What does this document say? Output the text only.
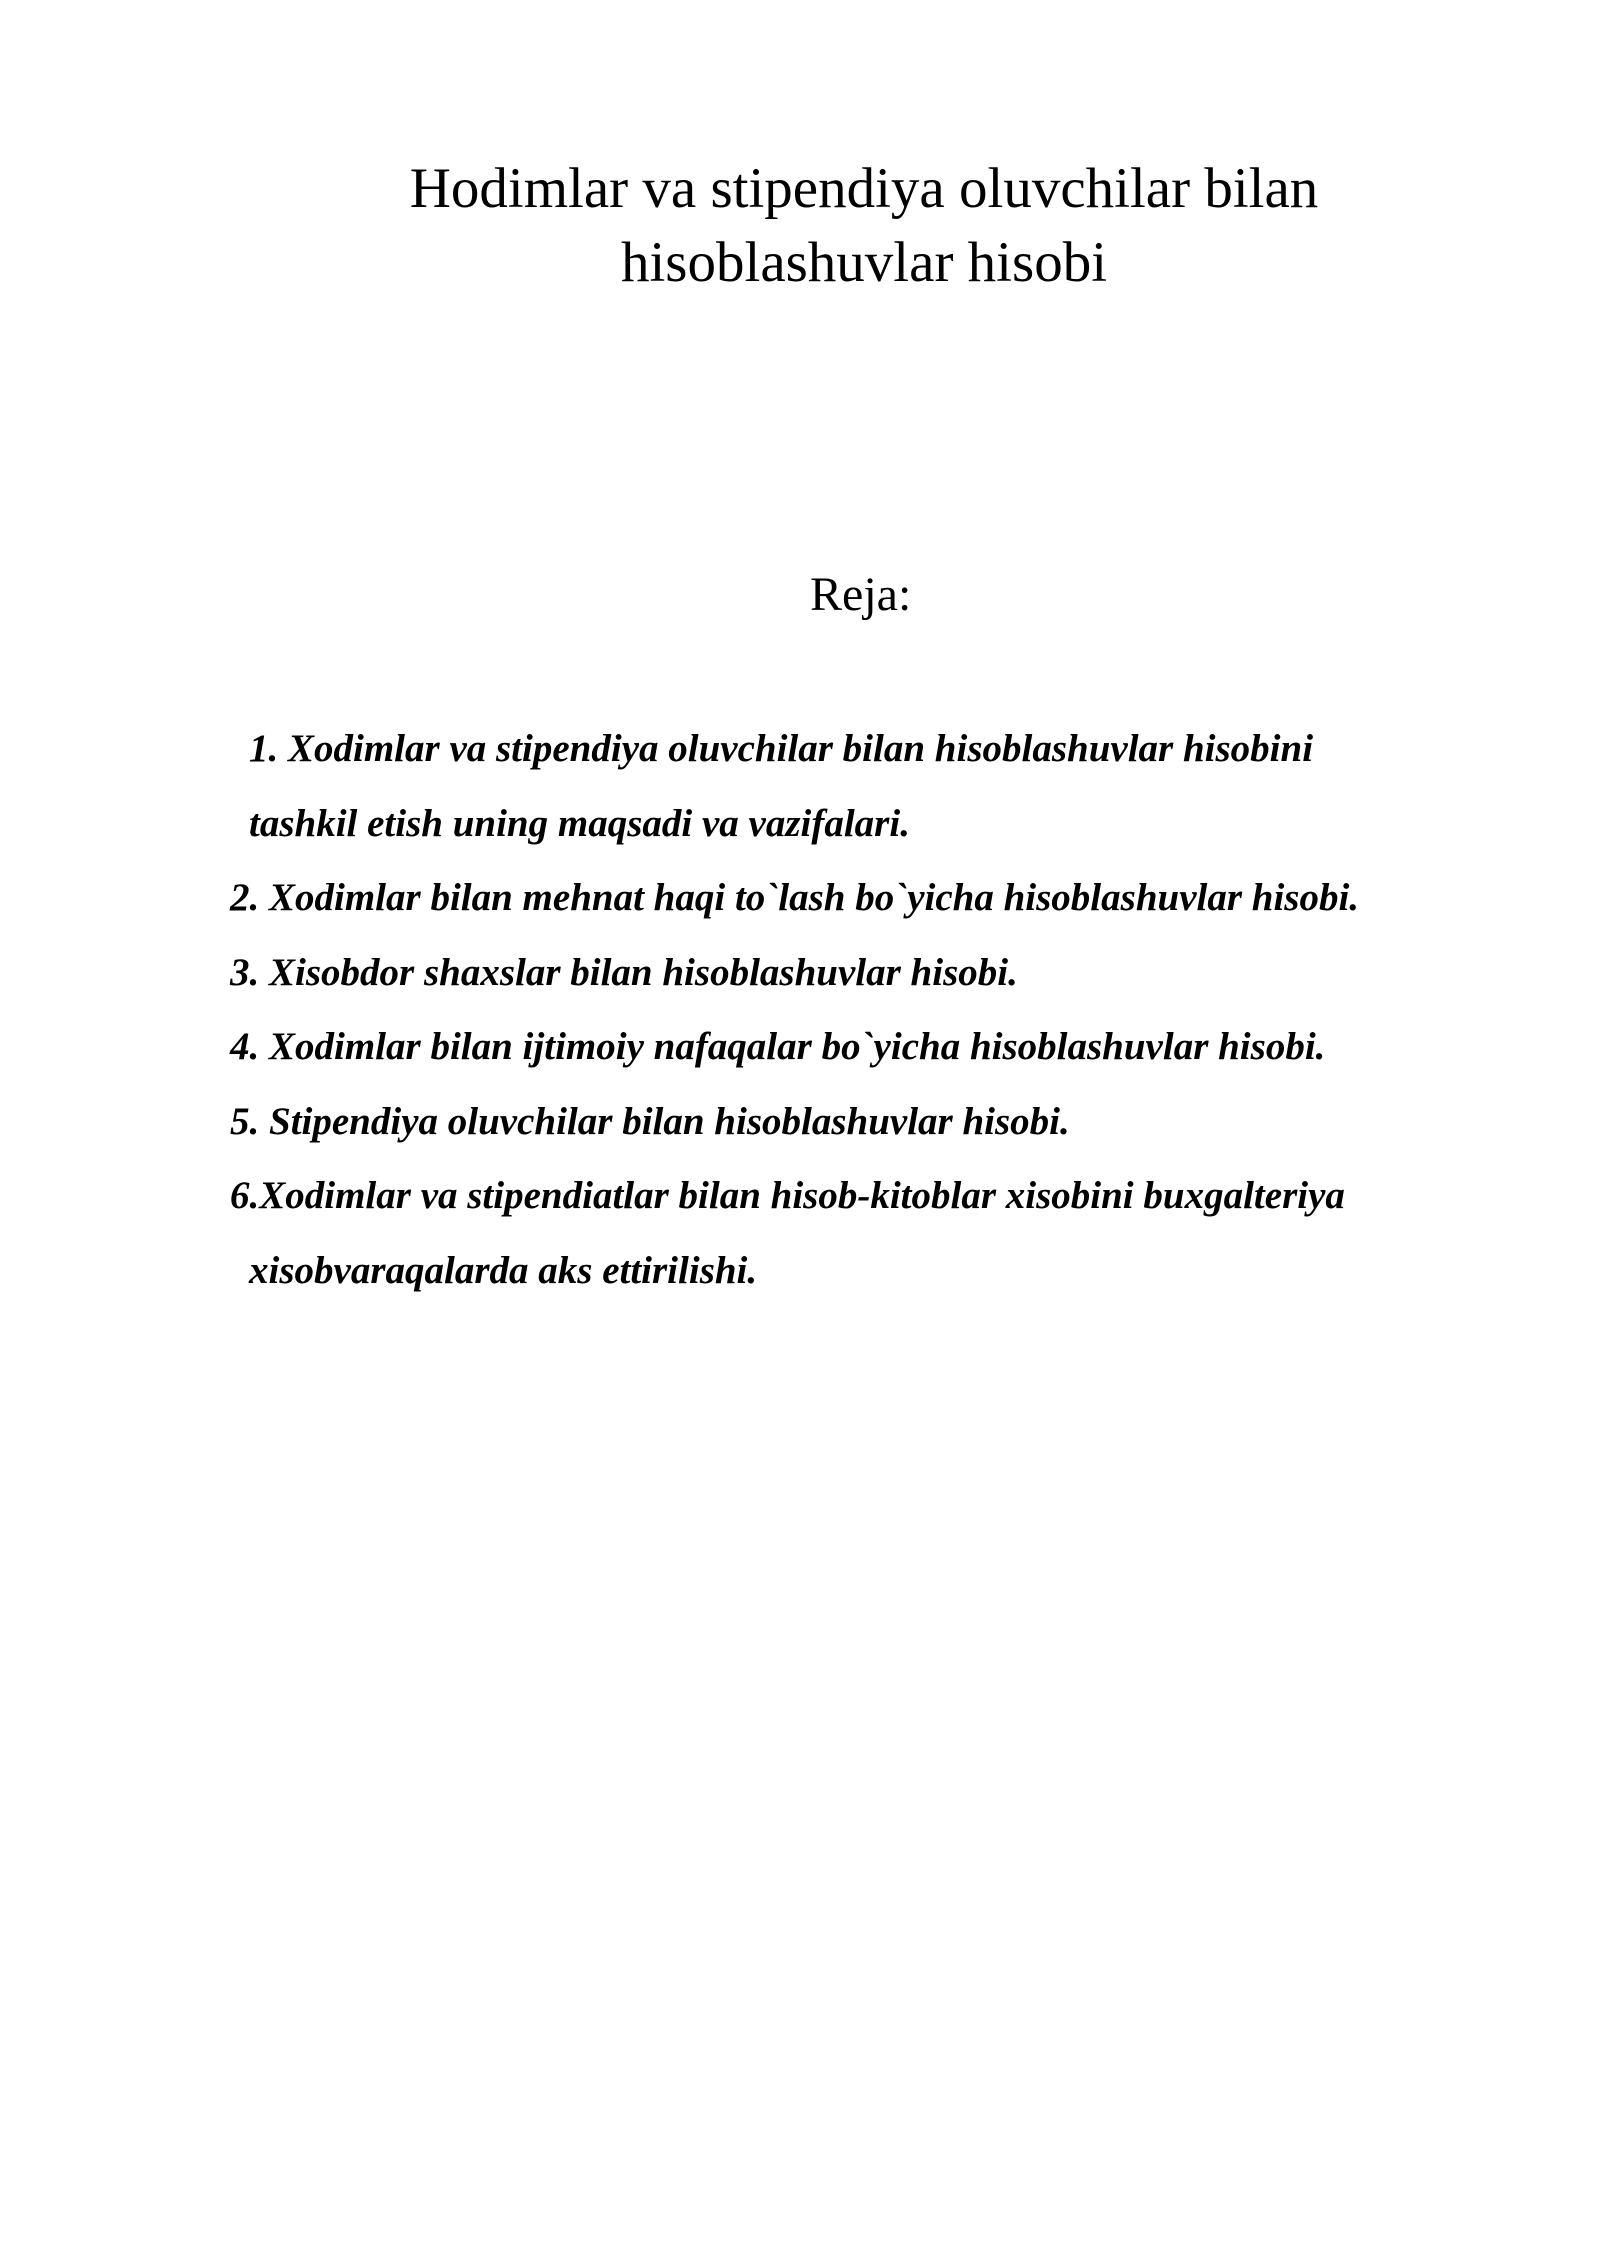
Hodimlar va stipendiya oluvchilar bilan
hisoblashuvlar hisobi
Reja:
1. Xodimlar va stipendiya oluvchilar bilan hisoblashuvlar hisobini
tashkil etish uning maqsadi va vazifalari.
2. Xodimlar bilan mehnat haqi to`lash bo`yicha hisoblashuvlar hisobi.
3. Xisobdor shaxslar bilan hisoblashuvlar hisobi.
4. Xodimlar bilan ijtimoiy nafaqalar bo`yicha hisoblashuvlar hisobi.
5. Stipendiya oluvchilar bilan hisoblashuvlar hisobi.
6.Xodimlar va stipendiatlar bilan hisob-kitoblar xisobini buxgalteriya
xisobvaraqalarda aks ettirilishi.
